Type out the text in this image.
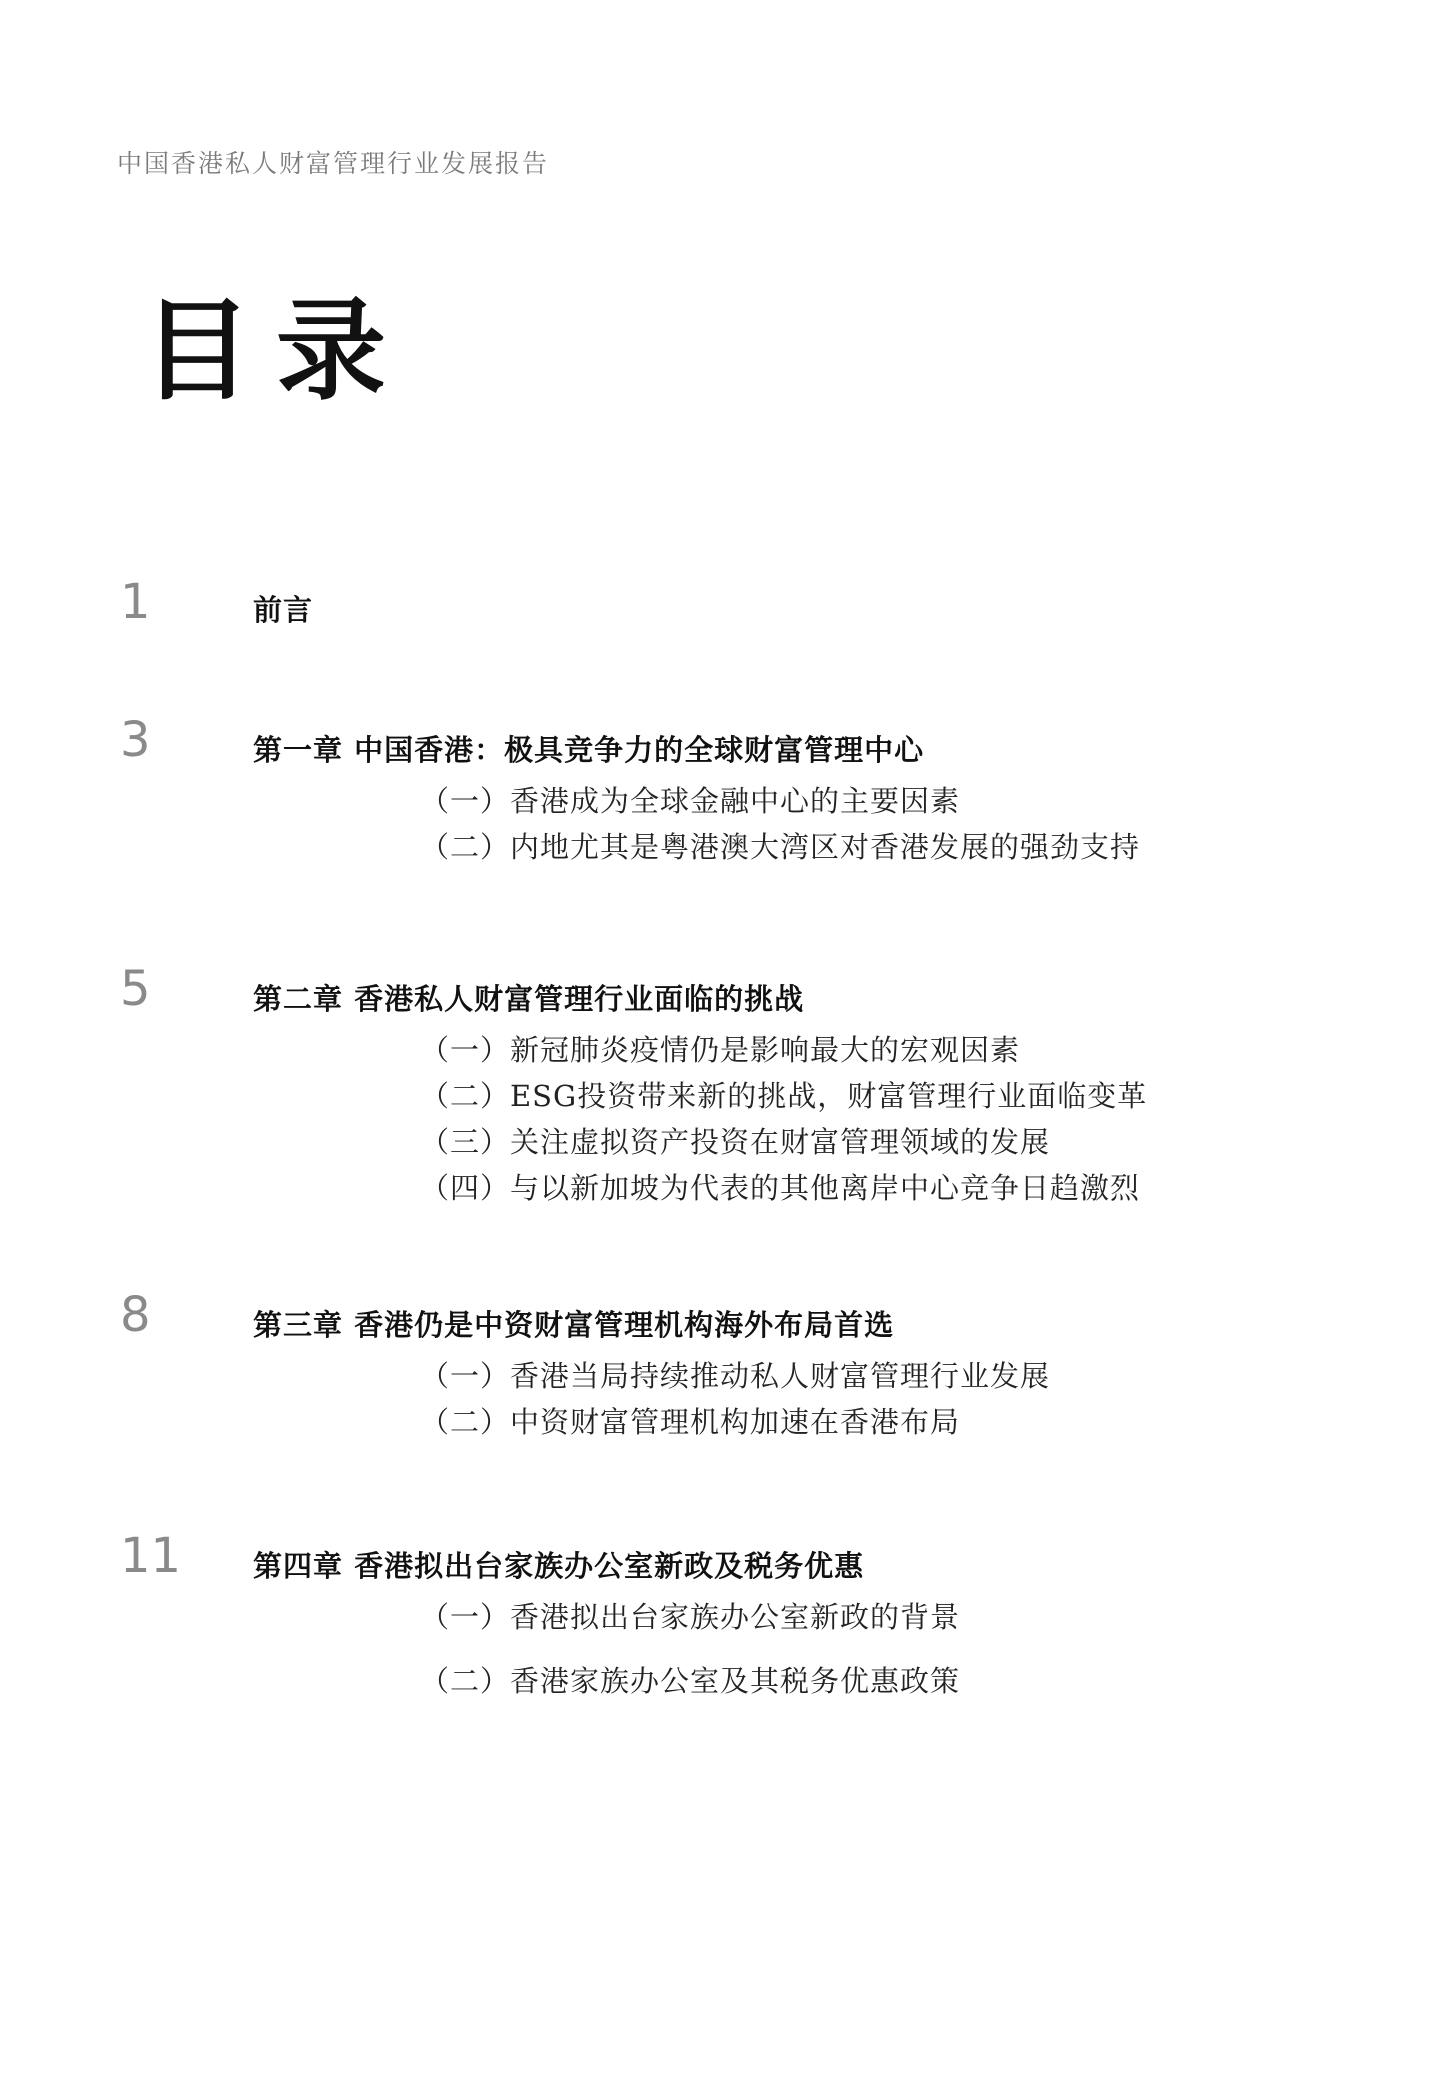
中国香港私人财富管理行业发展报告
目录
1	前言
3	第一章 中国香港：极具竞争力的全球财富管理中心
（一）香港成为全球金融中心的主要因素
（二）内地尤其是粤港澳大湾区对香港发展的强劲支持
5	第二章 香港私人财富管理行业面临的挑战
（一）新冠肺炎疫情仍是影响最大的宏观因素
（二）ESG投资带来新的挑战，财富管理行业面临变革
（三）关注虚拟资产投资在财富管理领域的发展
（四）与以新加坡为代表的其他离岸中心竞争日趋激烈
8	第三章 香港仍是中资财富管理机构海外布局首选
（一）香港当局持续推动私人财富管理行业发展
（二）中资财富管理机构加速在香港布局
11 第四章 香港拟出台家族办公室新政及税务优惠
（一）香港拟出台家族办公室新政的背景
（二）香港家族办公室及其税务优惠政策
